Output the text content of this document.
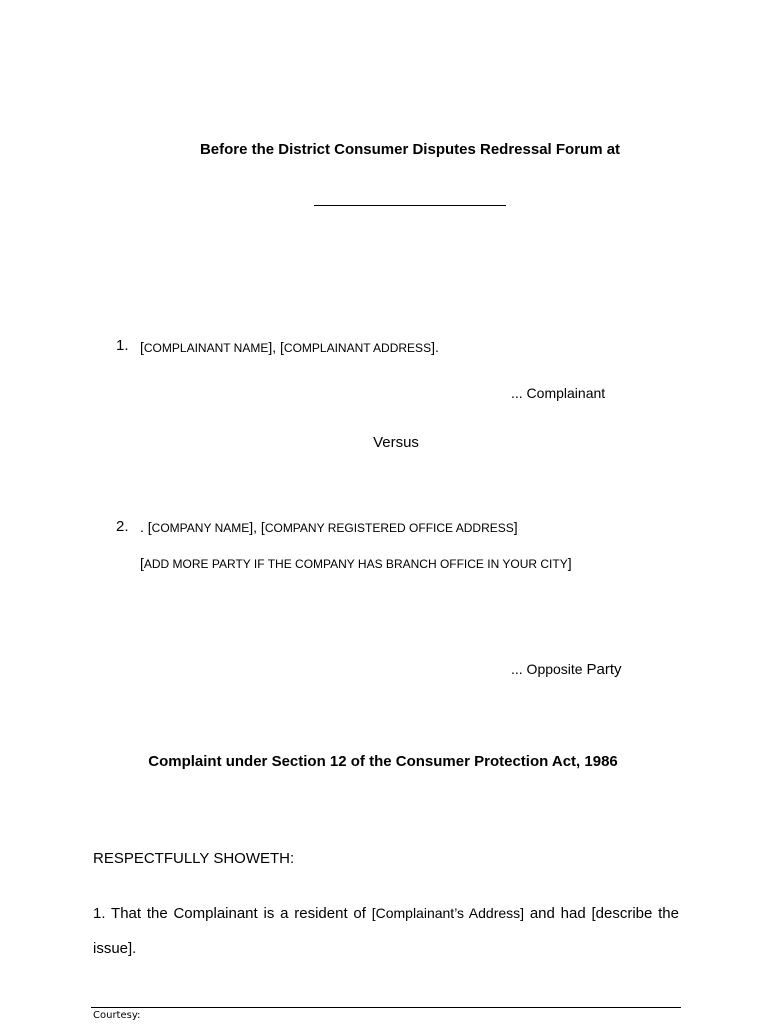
Before the District Consumer Disputes Redressal Forum at
1. [COMPLAINANT NAME], [COMPLAINANT ADDRESS].
... Complainant
Versus
2. . [COMPANY NAME], [COMPANY REGISTERED OFFICE ADDRESS]
[ADD MORE PARTY IF THE COMPANY HAS BRANCH OFFICE IN YOUR CITY]
... Opposite Party
Complaint under Section 12 of the Consumer Protection Act, 1986
RESPECTFULLY SHOWETH:
1. That the Complainant is a resident of [Complainant’s Address] and had [describe the issue].
Courtesy:
